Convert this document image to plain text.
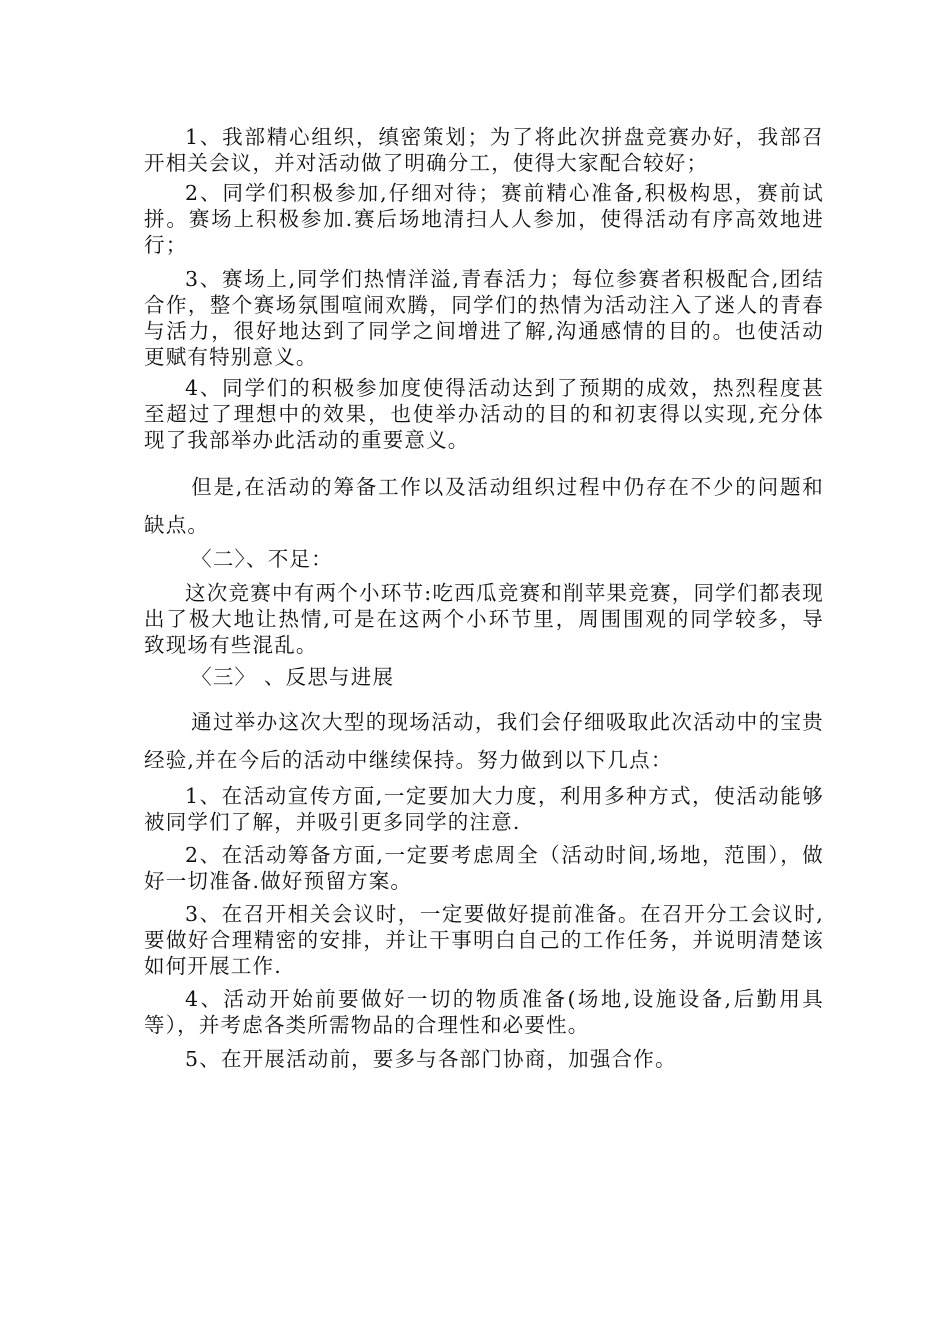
1、我部精心组织，缜密策划；为了将此次拼盘竞赛办好，我部召开相关会议，并对活动做了明确分工，使得大家配合较好；

2、同学们积极参加,仔细对待；赛前精心准备,积极构思，赛前试拼。赛场上积极参加.赛后场地清扫人人参加，使得活动有序高效地进行；

3、赛场上,同学们热情洋溢,青春活力；每位参赛者积极配合,团结合作，整个赛场氛围喧闹欢腾，同学们的热情为活动注入了迷人的青春与活力，很好地达到了同学之间增进了解,沟通感情的目的。也使活动更赋有特别意义。

4、同学们的积极参加度使得活动达到了预期的成效，热烈程度甚至超过了理想中的效果，也使举办活动的目的和初衷得以实现,充分体现了我部举办此活动的重要意义。

但是,在活动的筹备工作以及活动组织过程中仍存在不少的问题和缺点。

〈二〉、不足：

这次竞赛中有两个小环节:吃西瓜竞赛和削苹果竞赛，同学们都表现出了极大地让热情,可是在这两个小环节里，周围围观的同学较多，导致现场有些混乱。

〈三〉 、反思与进展

通过举办这次大型的现场活动，我们会仔细吸取此次活动中的宝贵经验,并在今后的活动中继续保持。努力做到以下几点：

1、在活动宣传方面,一定要加大力度，利用多种方式，使活动能够被同学们了解，并吸引更多同学的注意.

2、在活动筹备方面,一定要考虑周全（活动时间,场地，范围），做好一切准备.做好预留方案。

3、在召开相关会议时，一定要做好提前准备。在召开分工会议时,要做好合理精密的安排，并让干事明白自己的工作任务，并说明清楚该如何开展工作.

4、活动开始前要做好一切的物质准备(场地,设施设备,后勤用具等），并考虑各类所需物品的合理性和必要性。

5、在开展活动前，要多与各部门协商，加强合作。
